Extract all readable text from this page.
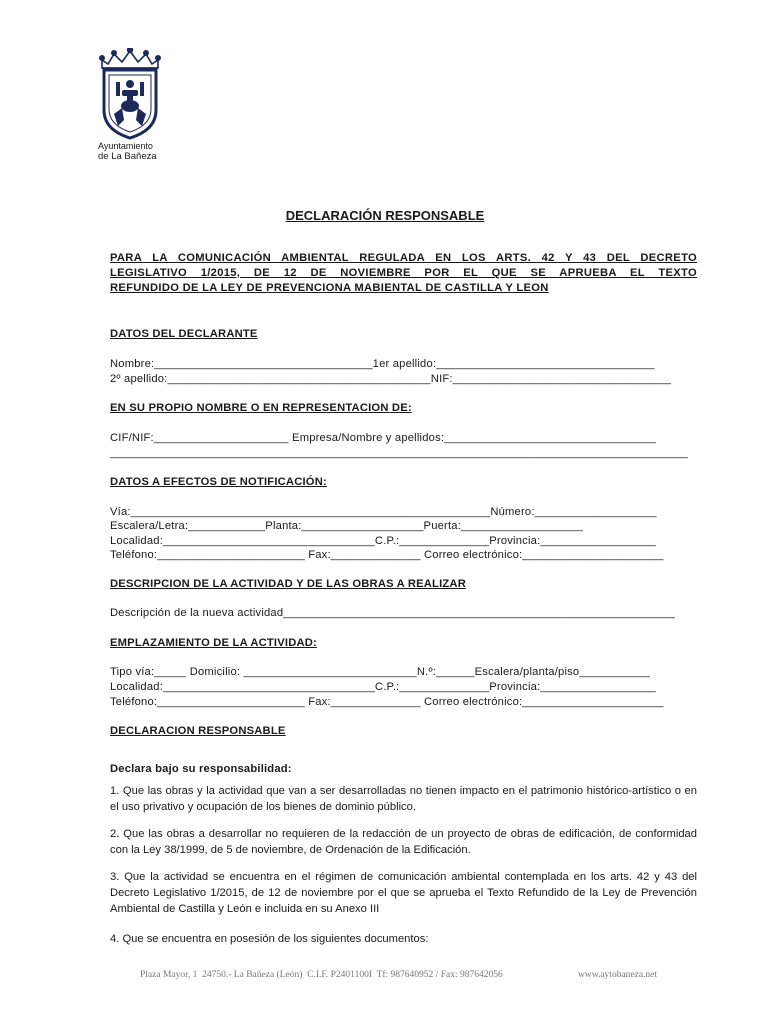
Ayuntamiento
de La Bañeza
DECLARACIÓN RESPONSABLE
PARA LA COMUNICACIÓN AMBIENTAL REGULADA EN LOS ARTS. 42 Y 43 DEL DECRETO
LEGISLATIVO 1/2015, DE 12 DE NOVIEMBRE POR EL QUE SE APRUEBA EL TEXTO
REFUNDIDO DE LA LEY DE PREVENCIONA MABIENTAL DE CASTILLA Y LEON
DATOS DEL DECLARANTE
Nombre:__________________________________1er apellido:__________________________________
2º apellido:_________________________________________NIF:__________________________________
EN SU PROPIO NOMBRE O EN REPRESENTACION DE:
CIF/NIF:_____________________ Empresa/Nombre y apellidos:_________________________________
__________________________________________________________________________________________
DATOS A EFECTOS DE NOTIFICACIÓN:
Vía:________________________________________________________Número:___________________
Escalera/Letra:____________Planta:___________________Puerta:___________________
Localidad:_________________________________C.P.:______________Provincia:__________________
Teléfono:_______________________ Fax:______________ Correo electrónico:______________________
DESCRIPCION DE LA ACTIVIDAD Y DE LAS OBRAS A REALIZAR
Descripción de la nueva actividad_____________________________________________________________
EMPLAZAMIENTO DE LA ACTIVIDAD:
Tipo vía:_____ Domicilio: ___________________________N.º:______Escalera/planta/piso___________
Localidad:_________________________________C.P.:______________Provincia:__________________
Teléfono:_______________________ Fax:______________ Correo electrónico:______________________
DECLARACION RESPONSABLE
Declara bajo su responsabilidad:
1. Que las obras y la actividad que van a ser desarrolladas no tienen impacto en el patrimonio histórico-artístico o en el uso privativo y ocupación de los bienes de dominio público.
2. Que las obras a desarrollar no requieren de la redacción de un proyecto de obras de edificación, de conformidad con la Ley 38/1999, de 5 de noviembre, de Ordenación de la Edificación.
3. Que la actividad se encuentra en el régimen de comunicación ambiental contemplada en los arts. 42 y 43 del Decreto Legislativo 1/2015, de 12 de noviembre por el que se aprueba el Texto Refundido de la Ley de Prevención Ambiental de Castilla y León e incluida en su Anexo III
4. Que se encuentra en posesión de los siguientes documentos:
Plaza Mayor, 1  24750.- La Bañeza (León)  C.I.F. P2401100I  Tf: 987640952 / Fax: 987642056	www.aytobaneza.net
